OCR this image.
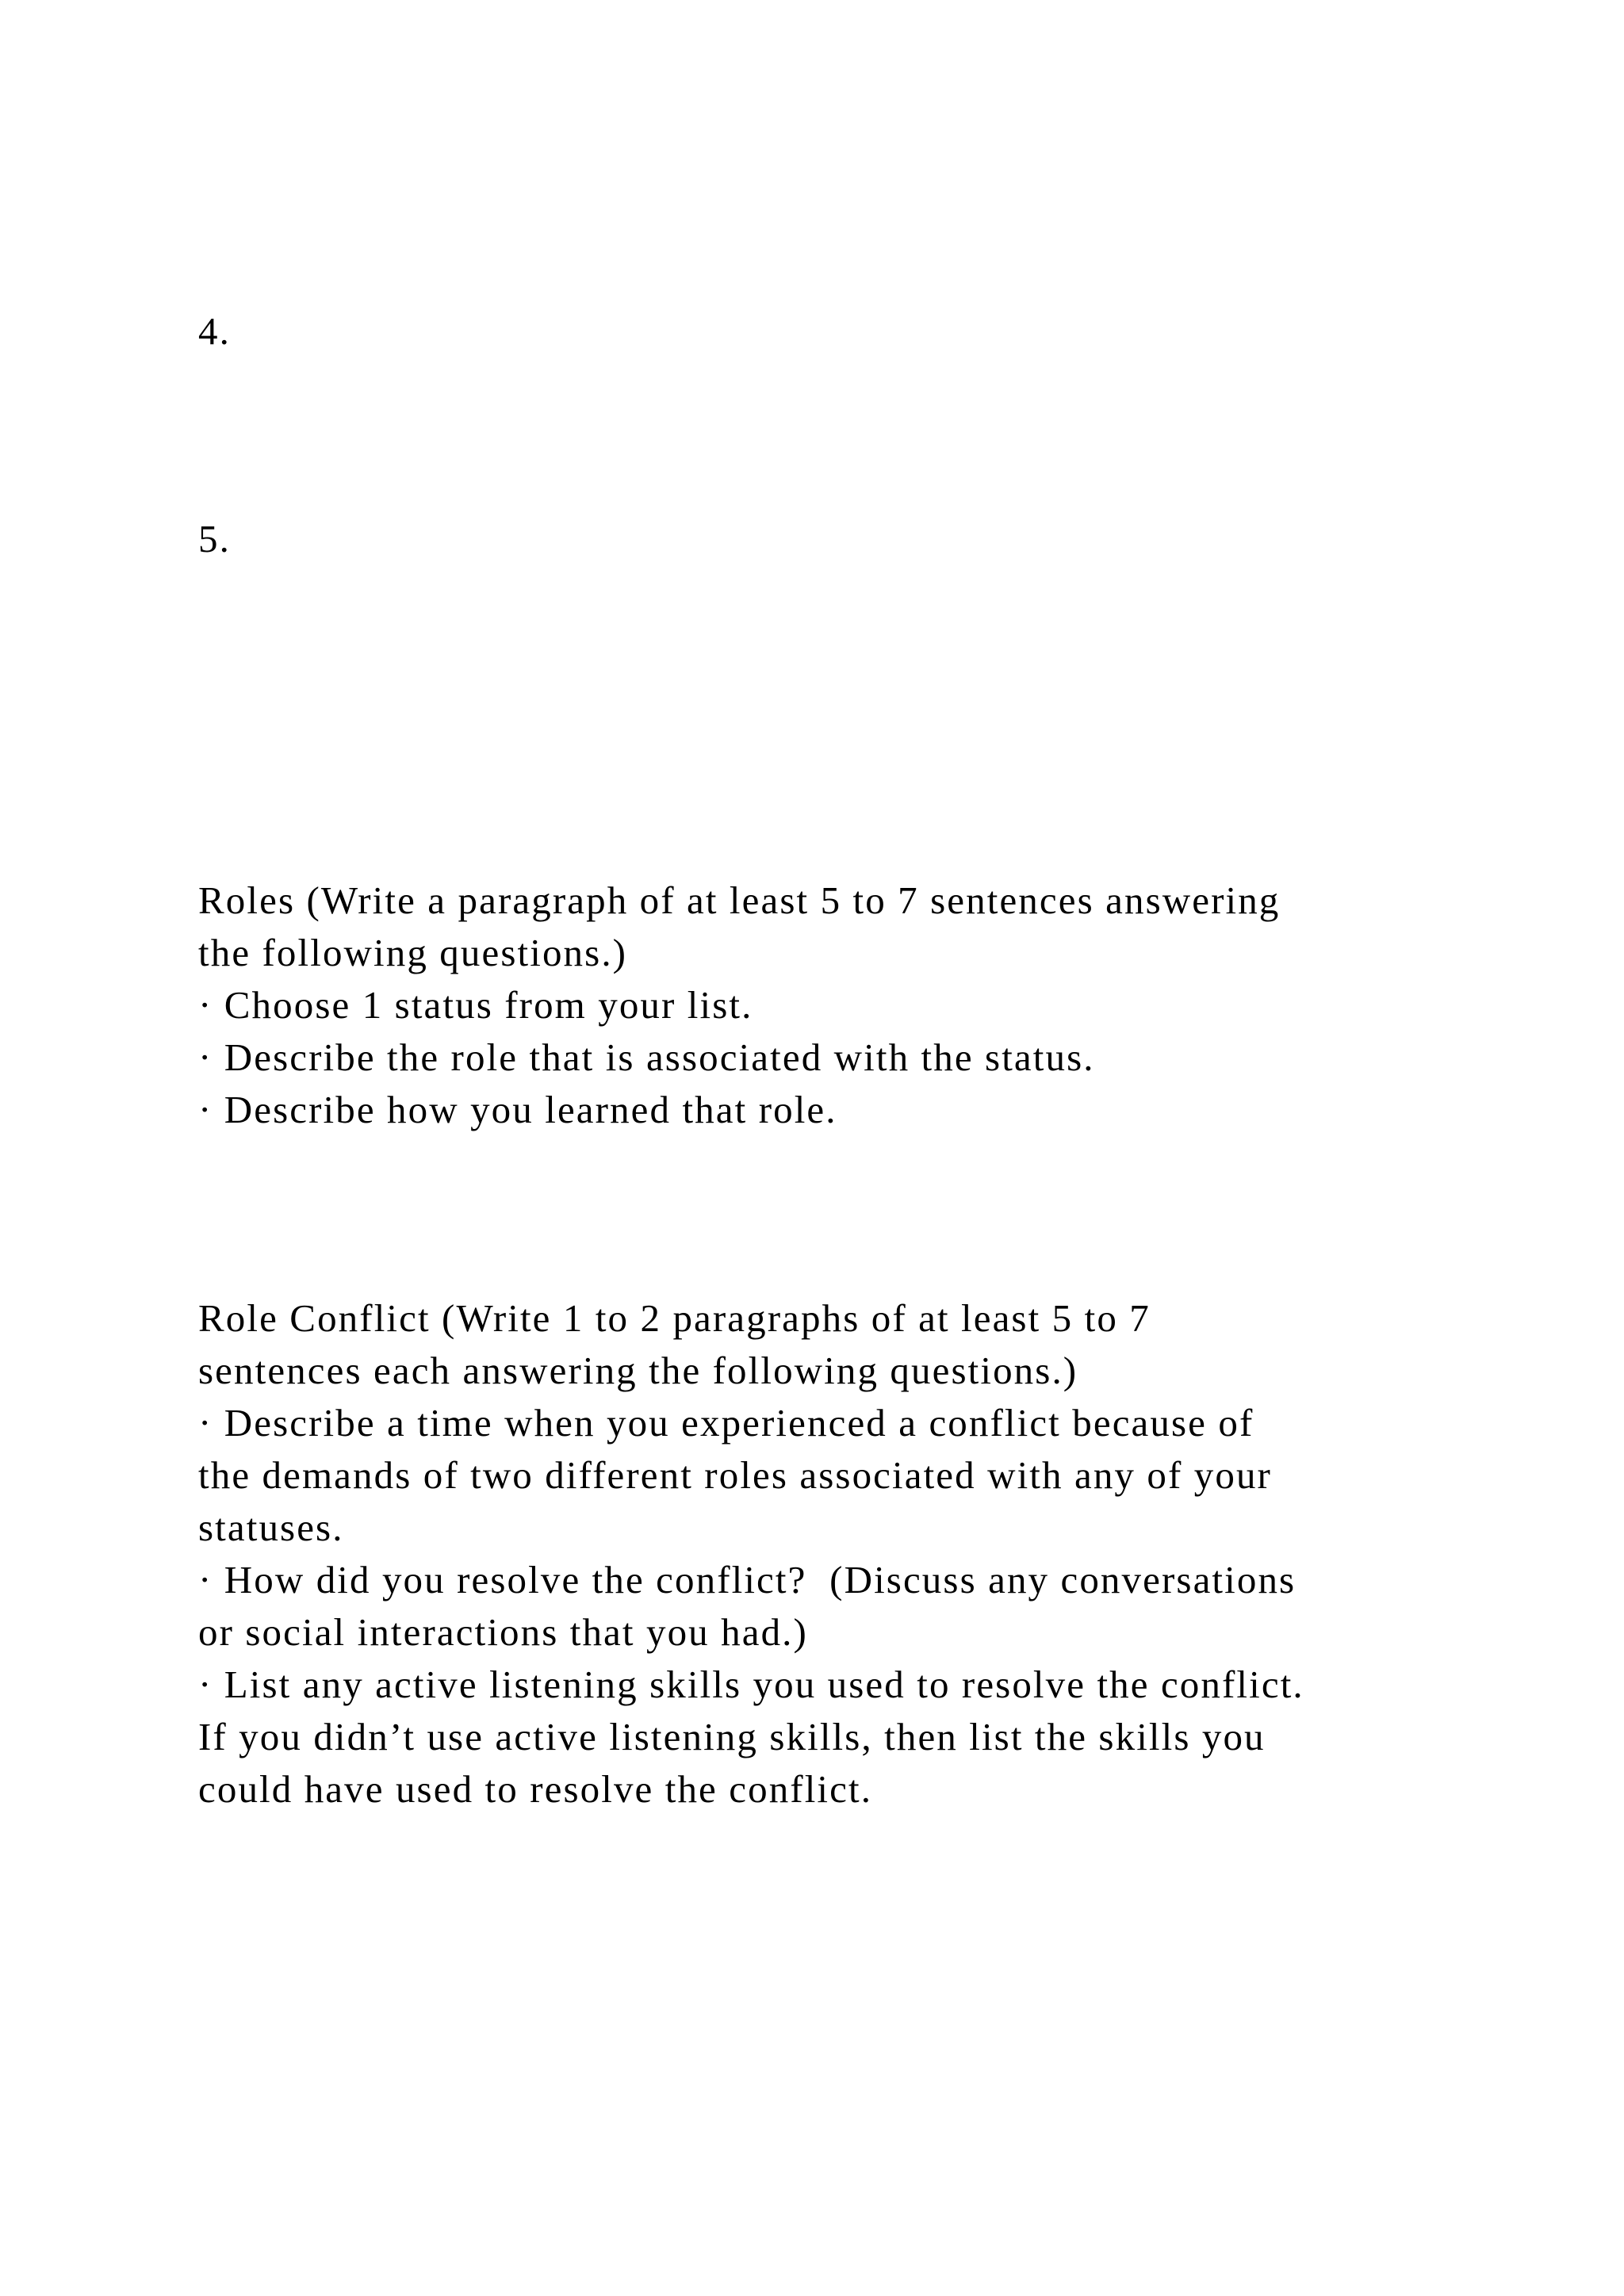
4.

5.

Roles (Write a paragraph of at least 5 to 7 sentences answering

the following questions.)

· Choose 1 status from your list.

· Describe the role that is associated with the status.

· Describe how you learned that role.

Role Conflict (Write 1 to 2 paragraphs of at least 5 to 7

sentences each answering the following questions.)

· Describe a time when you experienced a conflict because of

the demands of two different roles associated with any of your

statuses.

· How did you resolve the conflict?  (Discuss any conversations

or social interactions that you had.)

· List any active listening skills you used to resolve the conflict.

If you didn’t use active listening skills, then list the skills you

could have used to resolve the conflict.
